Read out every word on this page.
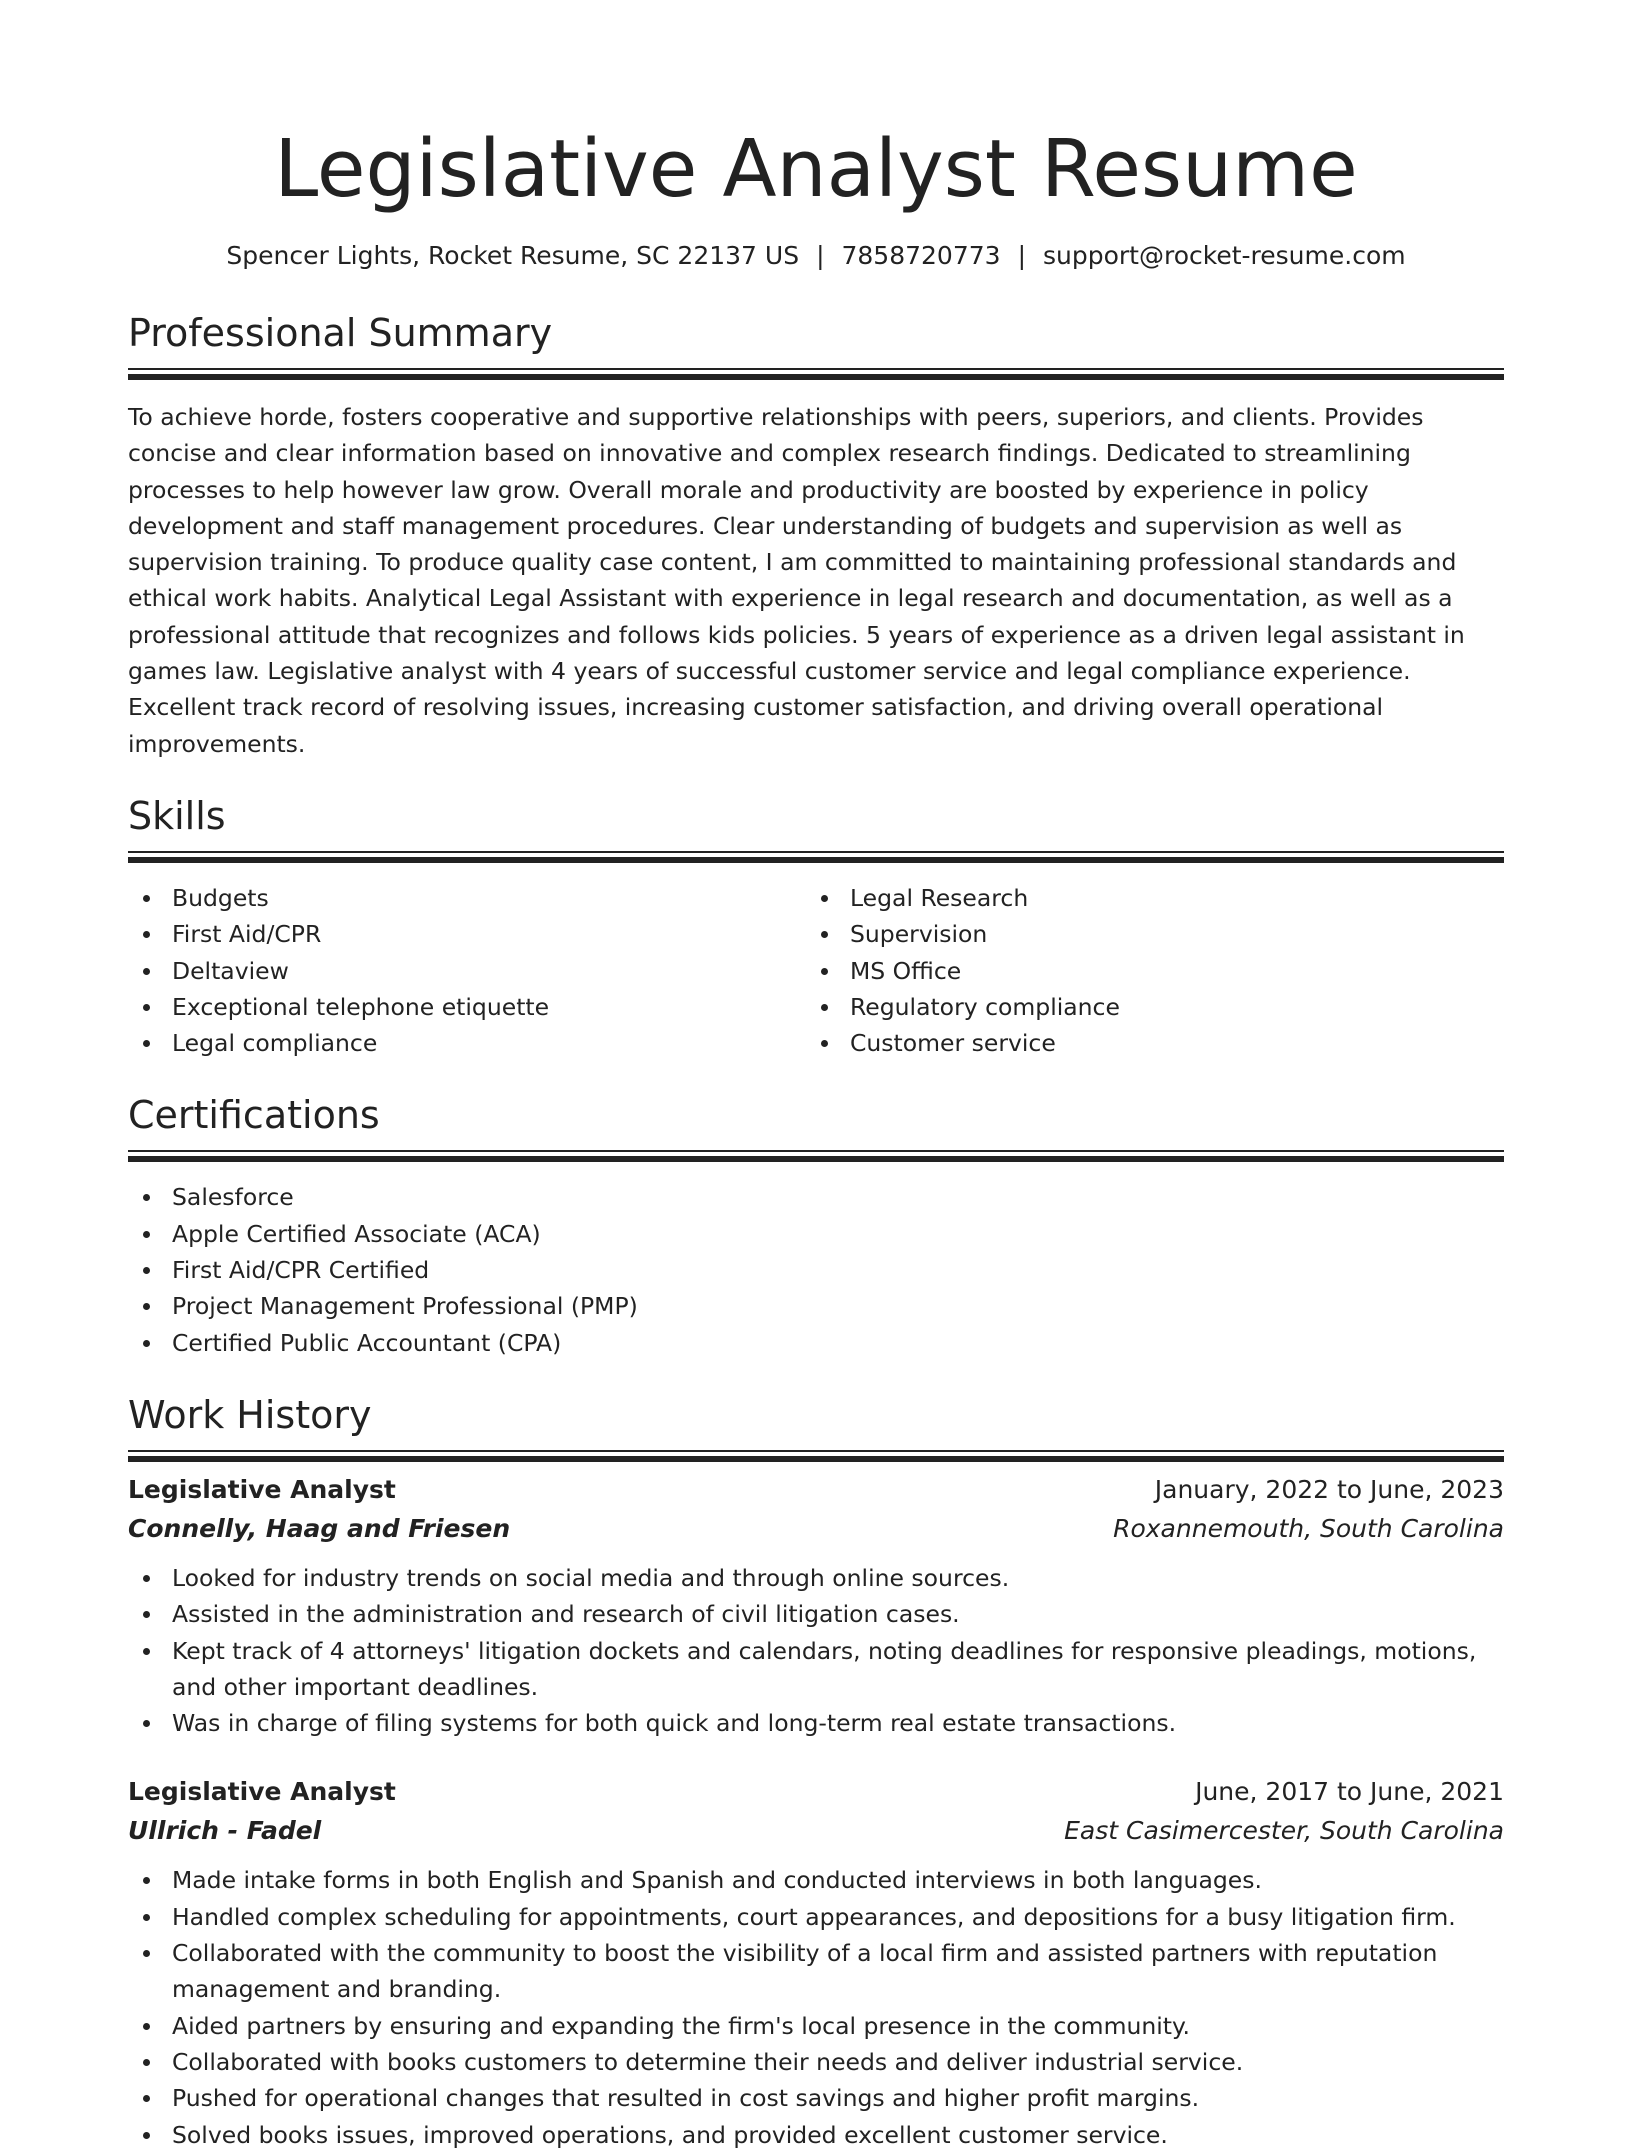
Legislative Analyst Resume
Spencer Lights, Rocket Resume, SC 22137 US | 7858720773 | support@rocket-resume.com
Professional Summary

To achieve horde, fosters cooperative and supportive relationships with peers, superiors, and clients. Provides concise and clear information based on innovative and complex research findings. Dedicated to streamlining processes to help however law grow. Overall morale and productivity are boosted by experience in policy development and staff management procedures. Clear understanding of budgets and supervision as well as supervision training. To produce quality case content, I am committed to maintaining professional standards and ethical work habits. Analytical Legal Assistant with experience in legal research and documentation, as well as a professional attitude that recognizes and follows kids policies. 5 years of experience as a driven legal assistant in games law. Legislative analyst with 4 years of successful customer service and legal compliance experience. Excellent track record of resolving issues, increasing customer satisfaction, and driving overall operational improvements.

Skills
Budgets
First Aid/CPR
Deltaview
Exceptional telephone etiquette
Legal compliance
Legal Research
Supervision
MS Office
Regulatory compliance
Customer service
Certifications
Salesforce
Apple Certified Associate (ACA)
First Aid/CPR Certified
Project Management Professional (PMP)
Certified Public Accountant (CPA)
Work History
Legislative Analyst	January, 2022 to June, 2023
Connelly, Haag and Friesen	Roxannemouth, South Carolina
Looked for industry trends on social media and through online sources.
Assisted in the administration and research of civil litigation cases.
Kept track of 4 attorneys' litigation dockets and calendars, noting deadlines for responsive pleadings, motions, and other important deadlines.
Was in charge of filing systems for both quick and long-term real estate transactions.
Legislative Analyst	June, 2017 to June, 2021
Ullrich - Fadel	East Casimercester, South Carolina
Made intake forms in both English and Spanish and conducted interviews in both languages.
Handled complex scheduling for appointments, court appearances, and depositions for a busy litigation firm.
Collaborated with the community to boost the visibility of a local firm and assisted partners with reputation management and branding.
Aided partners by ensuring and expanding the firm's local presence in the community.
Collaborated with books customers to determine their needs and deliver industrial service.
Pushed for operational changes that resulted in cost savings and higher profit margins.
Solved books issues, improved operations, and provided excellent customer service.
